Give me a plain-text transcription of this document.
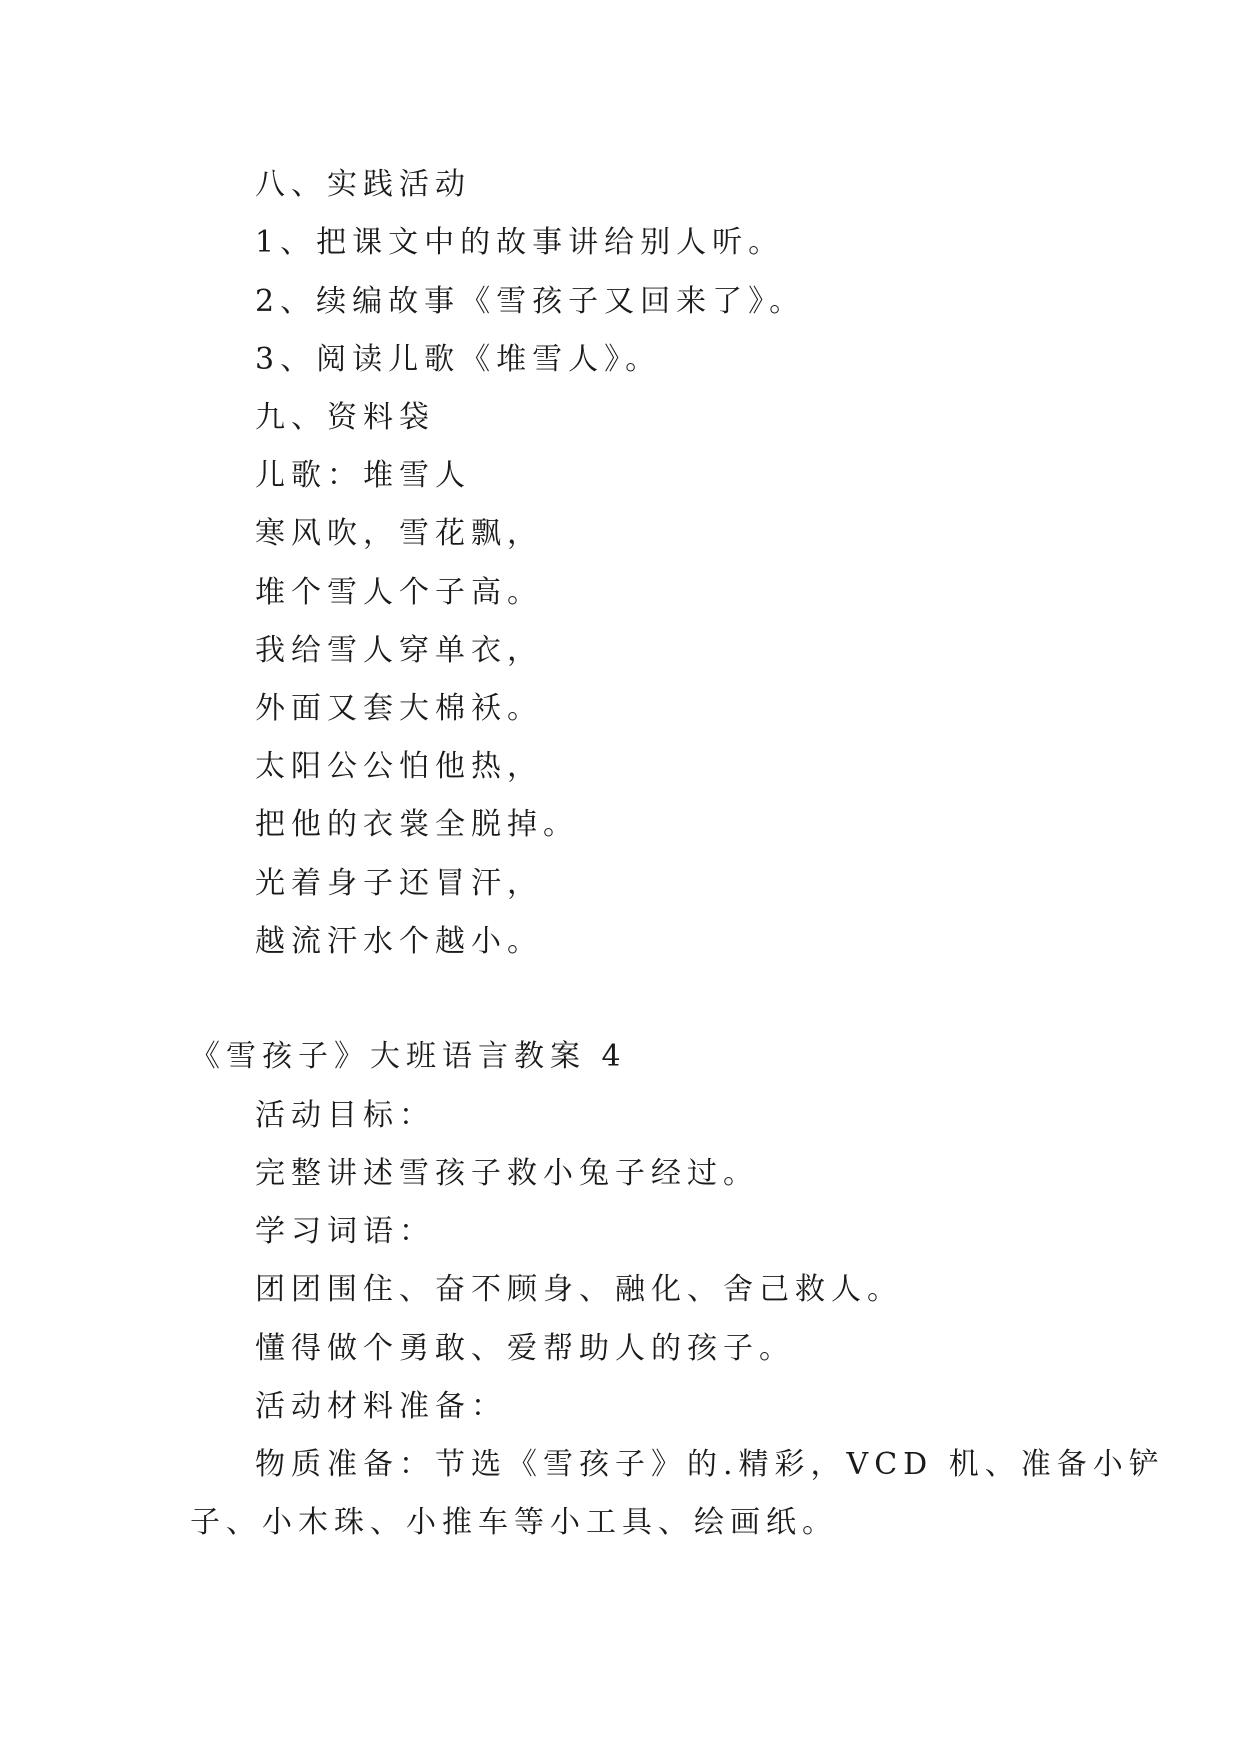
八、实践活动

1、把课文中的故事讲给别人听。

2、续编故事《雪孩子又回来了》。

3、阅读儿歌《堆雪人》。

九、资料袋

儿歌：堆雪人

寒风吹，雪花飘，

堆个雪人个子高。

我给雪人穿单衣，

外面又套大棉袄。

太阳公公怕他热，

把他的衣裳全脱掉。

光着身子还冒汗，

越流汗水个越小。

《雪孩子》大班语言教案 4

活动目标：

完整讲述雪孩子救小兔子经过。

学习词语：

团团围住、奋不顾身、融化、舍己救人。

懂得做个勇敢、爱帮助人的孩子。

活动材料准备：

物质准备：节选《雪孩子》的.精彩，VCD 机、准备小铲

子、小木珠、小推车等小工具、绘画纸。
